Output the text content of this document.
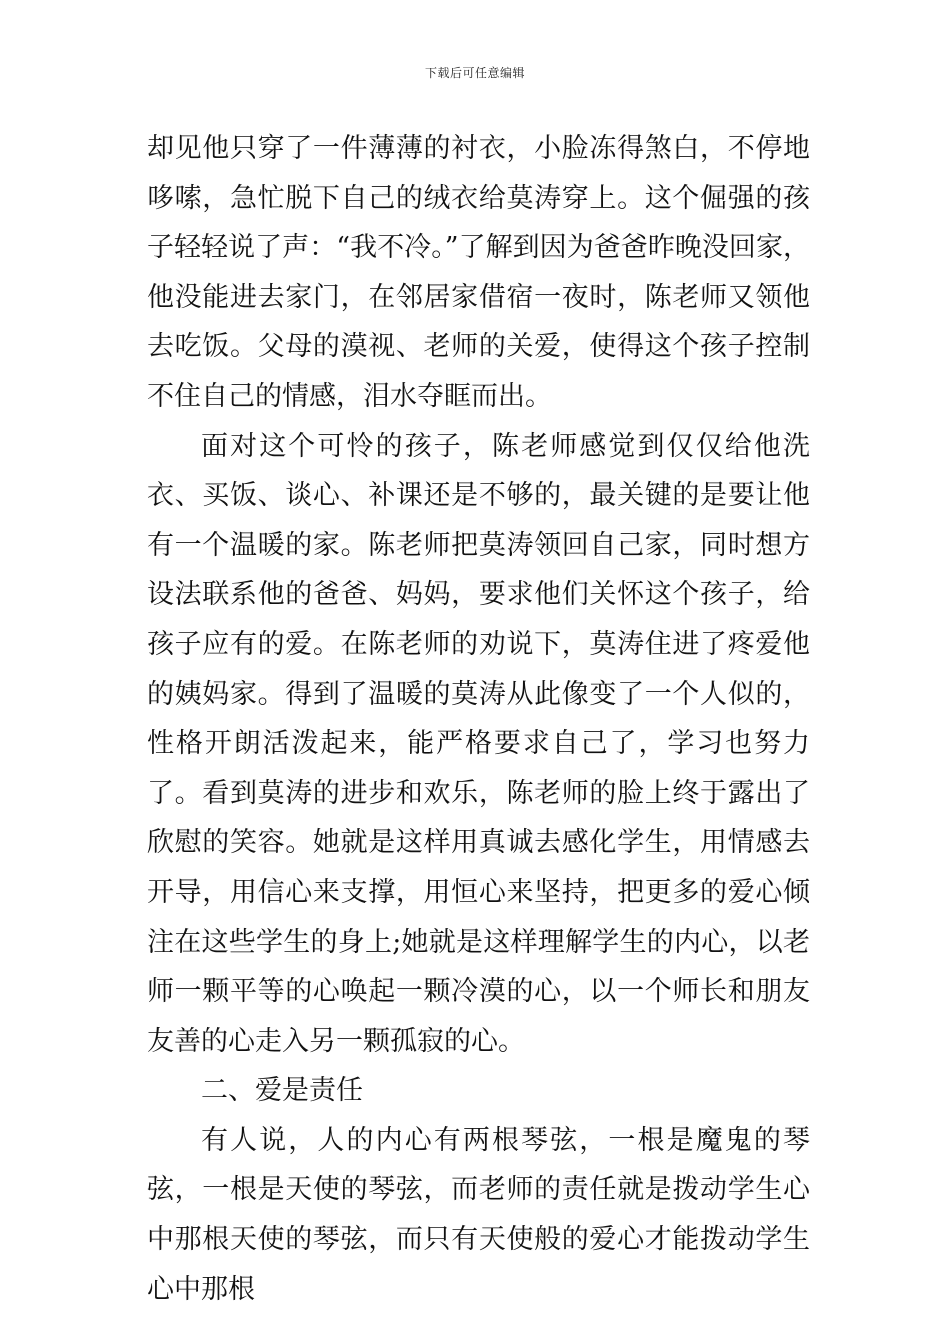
下载后可任意编辑

却见他只穿了一件薄薄的衬衣，小脸冻得煞白，不停地哆嗦，急忙脱下自己的绒衣给莫涛穿上。这个倔强的孩子轻轻说了声：“我不冷。”了解到因为爸爸昨晚没回家，他没能进去家门，在邻居家借宿一夜时，陈老师又领他去吃饭。父母的漠视、老师的关爱，使得这个孩子控制不住自己的情感，泪水夺眶而出。

面对这个可怜的孩子，陈老师感觉到仅仅给他洗衣、买饭、谈心、补课还是不够的，最关键的是要让他有一个温暖的家。陈老师把莫涛领回自己家，同时想方设法联系他的爸爸、妈妈，要求他们关怀这个孩子，给孩子应有的爱。在陈老师的劝说下，莫涛住进了疼爱他的姨妈家。得到了温暖的莫涛从此像变了一个人似的，性格开朗活泼起来，能严格要求自己了，学习也努力了。看到莫涛的进步和欢乐，陈老师的脸上终于露出了欣慰的笑容。她就是这样用真诚去感化学生，用情感去开导，用信心来支撑，用恒心来坚持，把更多的爱心倾注在这些学生的身上;她就是这样理解学生的内心，以老师一颗平等的心唤起一颗冷漠的心，以一个师长和朋友友善的心走入另一颗孤寂的心。

二、爱是责任

有人说，人的内心有两根琴弦，一根是魔鬼的琴弦，一根是天使的琴弦，而老师的责任就是拨动学生心中那根天使的琴弦，而只有天使般的爱心才能拨动学生心中那根
